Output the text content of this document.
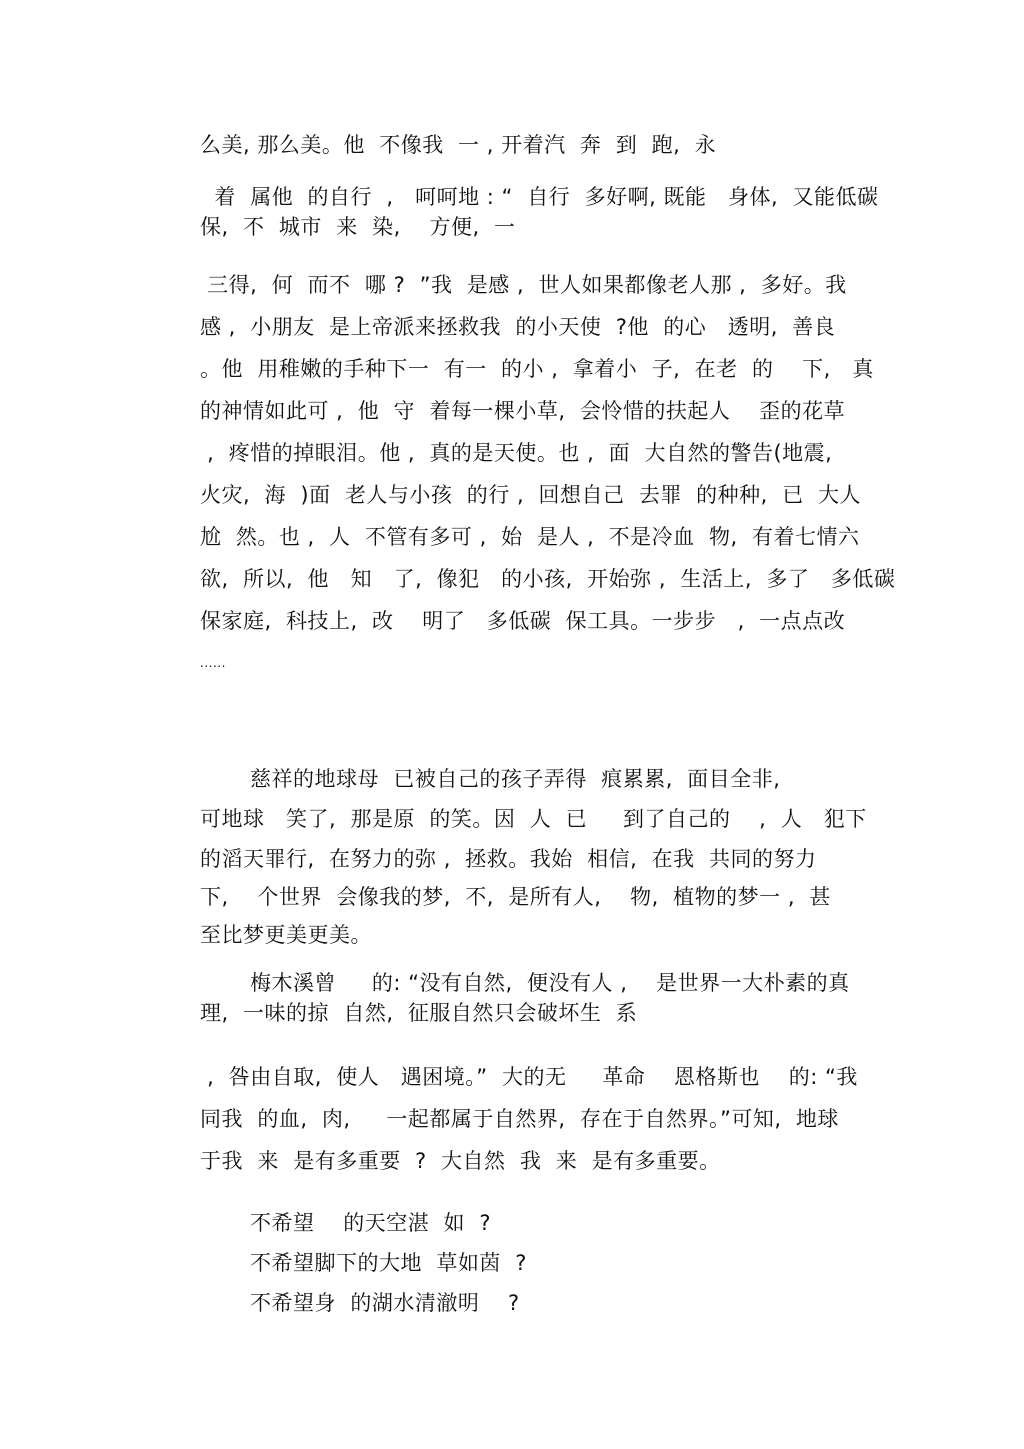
么美, 那么美。他  不像我  一 , 开着汽  奔  到  跑,  永
着  属他  的自行  ,   呵呵地 : “  自行  多好啊, 既能   身体,  又能低碳
保,  不  城市  来  染,    方便,  一
三得,  何  而不  哪 ?  ”我  是感 ,  世人如果都像老人那 ,  多好。我
感 ,  小朋友  是上帝派来拯救我  的小天使  ?他  的心   透明,  善良
。他  用稚嫩的手种下一  有一  的小 ,  拿着小  子,  在老  的    下,   真
的神情如此可 ,  他  守  着每一棵小草,  会怜惜的扶起人    歪的花草
,  疼惜的掉眼泪。他 ,  真的是天使。也 ,  面  大自然的警告(地震,
火灾,  海  )面  老人与小孩  的行 ,  回想自己  去罪  的种种,  已  大人
尬  然。也 ,  人  不管有多可 ,  始  是人 ,  不是冷血  物,  有着七情六
欲,  所以,  他   知   了,  像犯   的小孩,  开始弥 ,  生活上,  多了   多低碳
保家庭,  科技上,  改    明了   多低碳  保工具。一步步   ,  一点点改
......
慈祥的地球母  已被自己的孩子弄得  痕累累,  面目全非,
可地球   笑了,  那是原  的笑。因  人  已     到了自己的    ,  人   犯下
的滔天罪行,  在努力的弥 ,  拯救。我始  相信,  在我  共同的努力
下,    个世界  会像我的梦,  不,  是所有人,    物,  植物的梦一 ,  甚
至比梦更美更美。
梅木溪曾     的: “没有自然,  便没有人 ,    是世界一大朴素的真
理,  一味的掠  自然,  征服自然只会破坏生  系
,  咎由自取,  使人   遇困境。”  大的无     革命    恩格斯也    的: “我
同我  的血,  肉,     一起都属于自然界,  存在于自然界。”可知,  地球
于我  来  是有多重要  ?  大自然  我  来  是有多重要。
不希望    的天空湛  如  ?
不希望脚下的大地  草如茵  ?
不希望身  的湖水清澈明    ?
